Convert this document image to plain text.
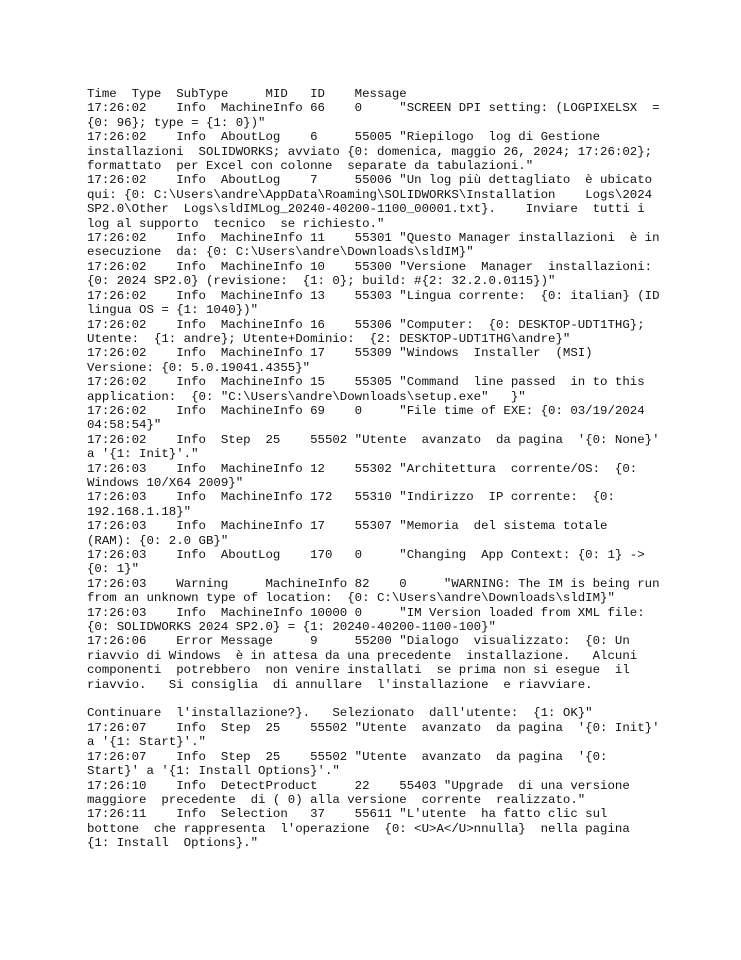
Time  Type  SubType     MID   ID    Message
17:26:02    Info  MachineInfo 66    0     "SCREEN DPI setting: (LOGPIXELSX  = {0: 96}; type = {1: 0})"
17:26:02    Info  AboutLog    6     55005 "Riepilogo  log di Gestione installazioni  SOLIDWORKS; avviato {0: domenica, maggio 26, 2024; 17:26:02}; formattato  per Excel con colonne  separate da tabulazioni."
17:26:02    Info  AboutLog    7     55006 "Un log più dettagliato  è ubicato qui: {0: C:\Users\andre\AppData\Roaming\SOLIDWORKS\Installation    Logs\2024 SP2.0\Other  Logs\sldIMLog_20240-40200-1100_00001.txt}.    Inviare  tutti i log al supporto  tecnico  se richiesto."
17:26:02    Info  MachineInfo 11    55301 "Questo Manager installazioni  è in esecuzione  da: {0: C:\Users\andre\Downloads\sldIM}"
17:26:02    Info  MachineInfo 10    55300 "Versione  Manager  installazioni: {0: 2024 SP2.0} (revisione:  {1: 0}; build: #{2: 32.2.0.0115})"
17:26:02    Info  MachineInfo 13    55303 "Lingua corrente:  {0: italian} (ID lingua OS = {1: 1040})"
17:26:02    Info  MachineInfo 16    55306 "Computer:  {0: DESKTOP-UDT1THG}; Utente:  {1: andre}; Utente+Dominio:  {2: DESKTOP-UDT1THG\andre}"
17:26:02    Info  MachineInfo 17    55309 "Windows  Installer  (MSI) Versione: {0: 5.0.19041.4355}"
17:26:02    Info  MachineInfo 15    55305 "Command  line passed  in to this application:  {0: "C:\Users\andre\Downloads\setup.exe"   }"
17:26:02    Info  MachineInfo 69    0     "File time of EXE: {0: 03/19/2024 04:58:54}"
17:26:02    Info  Step  25    55502 "Utente  avanzato  da pagina  '{0: None}' a '{1: Init}'."
17:26:03    Info  MachineInfo 12    55302 "Architettura  corrente/OS:  {0: Windows 10/X64 2009}"
17:26:03    Info  MachineInfo 172   55310 "Indirizzo  IP corrente:  {0: 192.168.1.18}"
17:26:03    Info  MachineInfo 17    55307 "Memoria  del sistema totale  (RAM): {0: 2.0 GB}"
17:26:03    Info  AboutLog    170   0     "Changing  App Context: {0: 1} -> {0: 1}"
17:26:03    Warning     MachineInfo 82    0     "WARNING: The IM is being run from an unknown type of location:  {0: C:\Users\andre\Downloads\sldIM}"
17:26:03    Info  MachineInfo 10000 0     "IM Version loaded from XML file: {0: SOLIDWORKS 2024 SP2.0} = {1: 20240-40200-1100-100}"
17:26:06    Error Message     9     55200 "Dialogo  visualizzato:  {0: Un riavvio di Windows  è in attesa da una precedente  installazione.   Alcuni componenti  potrebbero  non venire installati  se prima non si esegue  il riavvio.   Si consiglia  di annullare  l'installazione  e riavviare.

Continuare  l'installazione?}.   Selezionato  dall'utente:  {1: OK}"
17:26:07    Info  Step  25    55502 "Utente  avanzato  da pagina  '{0: Init}' a '{1: Start}'."
17:26:07    Info  Step  25    55502 "Utente  avanzato  da pagina  '{0: Start}' a '{1: Install Options}'."
17:26:10    Info  DetectProduct     22    55403 "Upgrade  di una versione maggiore  precedente  di ( 0) alla versione  corrente  realizzato."
17:26:11    Info  Selection   37    55611 "L'utente  ha fatto clic sul bottone  che rappresenta  l'operazione  {0: <U>A</U>nnulla}  nella pagina  {1: Install  Options}."
